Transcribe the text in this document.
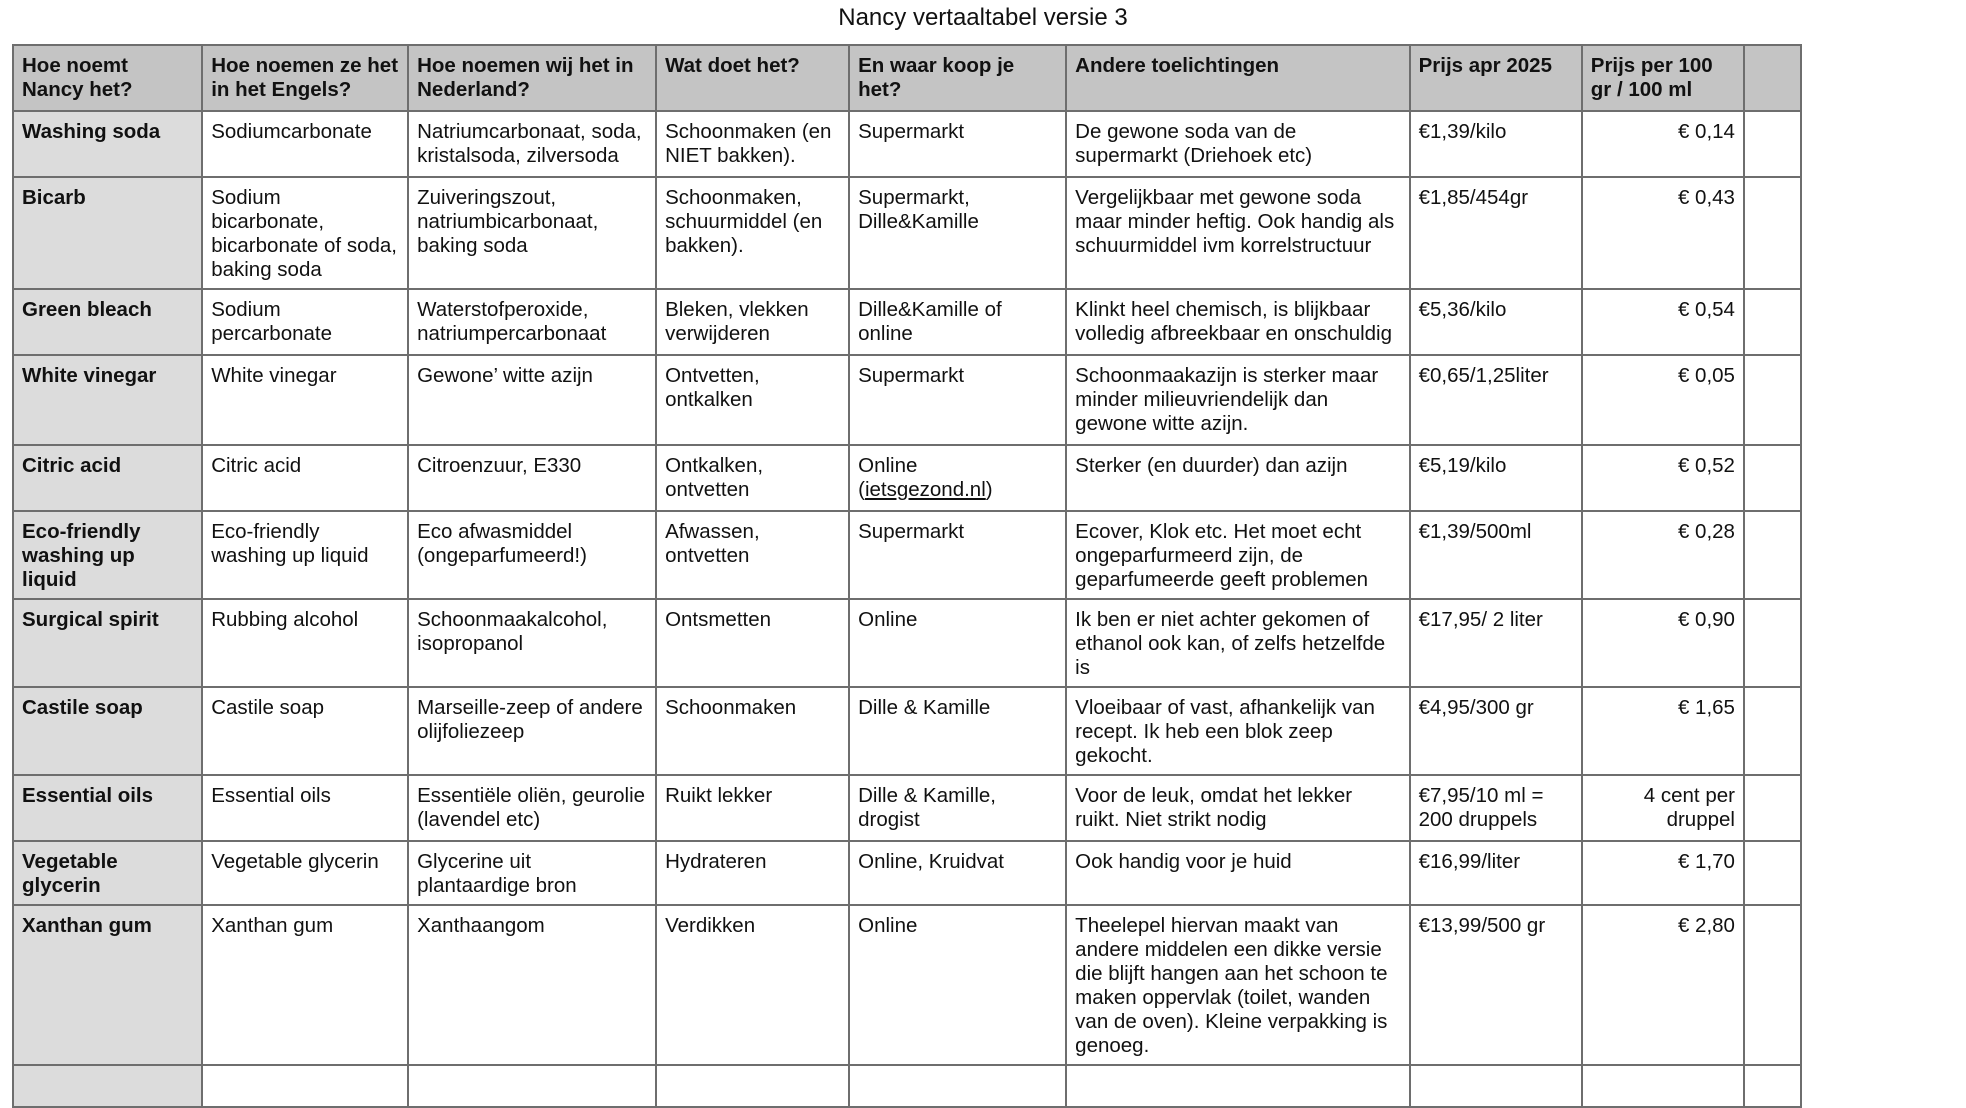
Nancy vertaaltabel versie 3
Hoe noemt Nancy het?	Hoe noemen ze het in het Engels?	Hoe noemen wij het in Nederland?	Wat doet het?	En waar koop je het?	Andere toelichtingen	Prijs apr 2025	Prijs per 100 gr / 100 ml	
Washing soda	Sodiumcarbonate	Natriumcarbonaat, soda, kristalsoda, zilversoda	Schoonmaken (en NIET bakken).	Supermarkt	De gewone soda van de supermarkt (Driehoek etc)	€1,39/kilo	€ 0,14	
Bicarb	Sodium bicarbonate, bicarbonate of soda, baking soda	Zuiveringszout, natriumbicarbonaat, baking soda	Schoonmaken, schuurmiddel (en bakken).	Supermarkt, Dille&Kamille	Vergelijkbaar met gewone soda maar minder heftig. Ook handig als schuurmiddel ivm korrelstructuur	€1,85/454gr	€ 0,43	
Green bleach	Sodium percarbonate	Waterstofperoxide, natriumpercarbonaat	Bleken, vlekken verwijderen	Dille&Kamille of online	Klinkt heel chemisch, is blijkbaar volledig afbreekbaar en onschuldig	€5,36/kilo	€ 0,54	
White vinegar	White vinegar	Gewone’ witte azijn	Ontvetten, ontkalken	Supermarkt	Schoonmaakazijn is sterker maar minder milieuvriendelijk dan gewone witte azijn.	€0,65/1,25liter	€ 0,05	
Citric acid	Citric acid	Citroenzuur, E330	Ontkalken, ontvetten	Online (ietsgezond.nl)	Sterker (en duurder) dan azijn	€5,19/kilo	€ 0,52	
Eco-friendly washing up liquid	Eco-friendly washing up liquid	Eco afwasmiddel (ongeparfumeerd!)	Afwassen, ontvetten	Supermarkt	Ecover, Klok etc. Het moet echt ongeparfurmeerd zijn, de geparfumeerde geeft problemen	€1,39/500ml	€ 0,28	
Surgical spirit	Rubbing alcohol	Schoonmaakalcohol, isopropanol	Ontsmetten	Online	Ik ben er niet achter gekomen of ethanol ook kan, of zelfs hetzelfde is	€17,95/ 2 liter	€ 0,90	
Castile soap	Castile soap	Marseille-zeep of andere olijfoliezeep	Schoonmaken	Dille & Kamille	Vloeibaar of vast, afhankelijk van recept. Ik heb een blok zeep gekocht.	€4,95/300 gr	€ 1,65	
Essential oils	Essential oils	Essentiële oliën, geurolie (lavendel etc)	Ruikt lekker	Dille & Kamille, drogist	Voor de leuk, omdat het lekker ruikt. Niet strikt nodig	€7,95/10 ml = 200 druppels	4 cent per druppel	
Vegetable glycerin	Vegetable glycerin	Glycerine uit plantaardige bron	Hydrateren	Online, Kruidvat	Ook handig voor je huid	€16,99/liter	€ 1,70	
Xanthan gum	Xanthan gum	Xanthaangom	Verdikken	Online	Theelepel hiervan maakt van andere middelen een dikke versie die blijft hangen aan het schoon te maken oppervlak (toilet, wanden van de oven). Kleine verpakking is genoeg.	€13,99/500 gr	€ 2,80	
